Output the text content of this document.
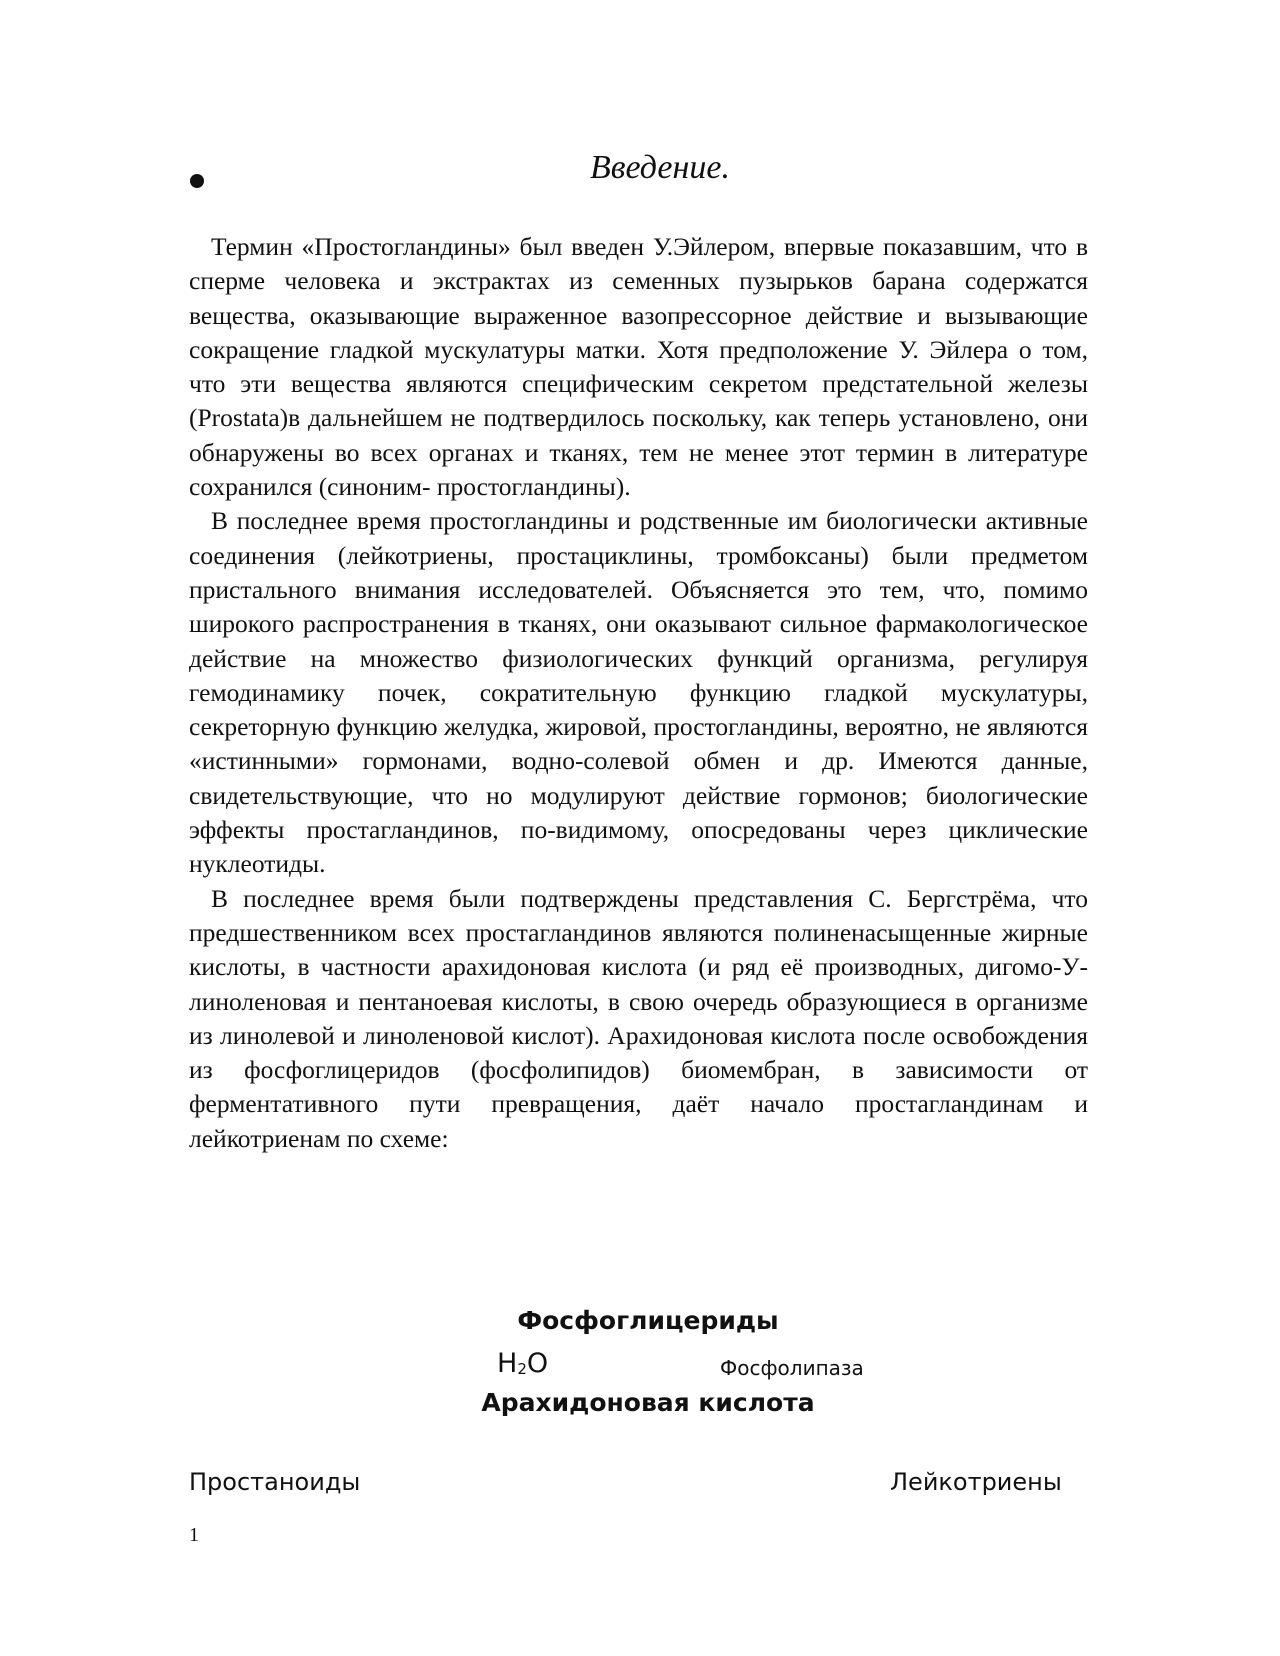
Введение.

Термин «Простогландины» был введен У.Эйлером, впервые показавшим, что в сперме человека и экстрактах из семенных пузырьков барана содержатся вещества, оказывающие выраженное вазопрессорное действие и вызывающие сокращение гладкой мускулатуры матки. Хотя предположение У. Эйлера о том, что эти вещества являются специфическим секретом предстательной железы (Prostata)в дальнейшем не подтвердилось поскольку, как теперь установлено, они обнаружены во всех органах и тканях, тем не менее этот термин в литературе сохранился (синоним- простогландины).

В последнее время простогландины и родственные им биологически активные соединения (лейкотриены, простациклины, тромбоксаны) были предметом пристального внимания исследователей. Объясняется это тем, что, помимо широкого распространения в тканях, они оказывают сильное фармакологическое действие на множество физиологических функций организма, регулируя гемодинамику почек, сократительную функцию гладкой мускулатуры, секреторную функцию желудка, жировой, простогландины, вероятно, не являются «истинными» гормонами, водно-солевой обмен и др. Имеются данные, свидетельствующие, что но модулируют действие гормонов; биологические эффекты простагландинов, по-видимому, опосредованы через циклические нуклеотиды.

В последнее время были подтверждены представления С. Бергстрёма, что предшественником всех простагландинов являются полиненасыщенные жирные кислоты, в частности арахидоновая кислота (и ряд её производных, дигомо-У-линоленовая и пентаноевая кислоты, в свою очередь образующиеся в организме из линолевой и линоленовой кислот). Арахидоновая кислота после освобождения из фосфоглицеридов (фосфолипидов) биомембран, в зависимости от ферментативного пути превращения, даёт начало простагландинам и лейкотриенам по схеме:

Фосфоглицериды
$H_2O$	Фосфолипаза
Арахидоновая кислота
Простаноиды	Лейкотриены
1
